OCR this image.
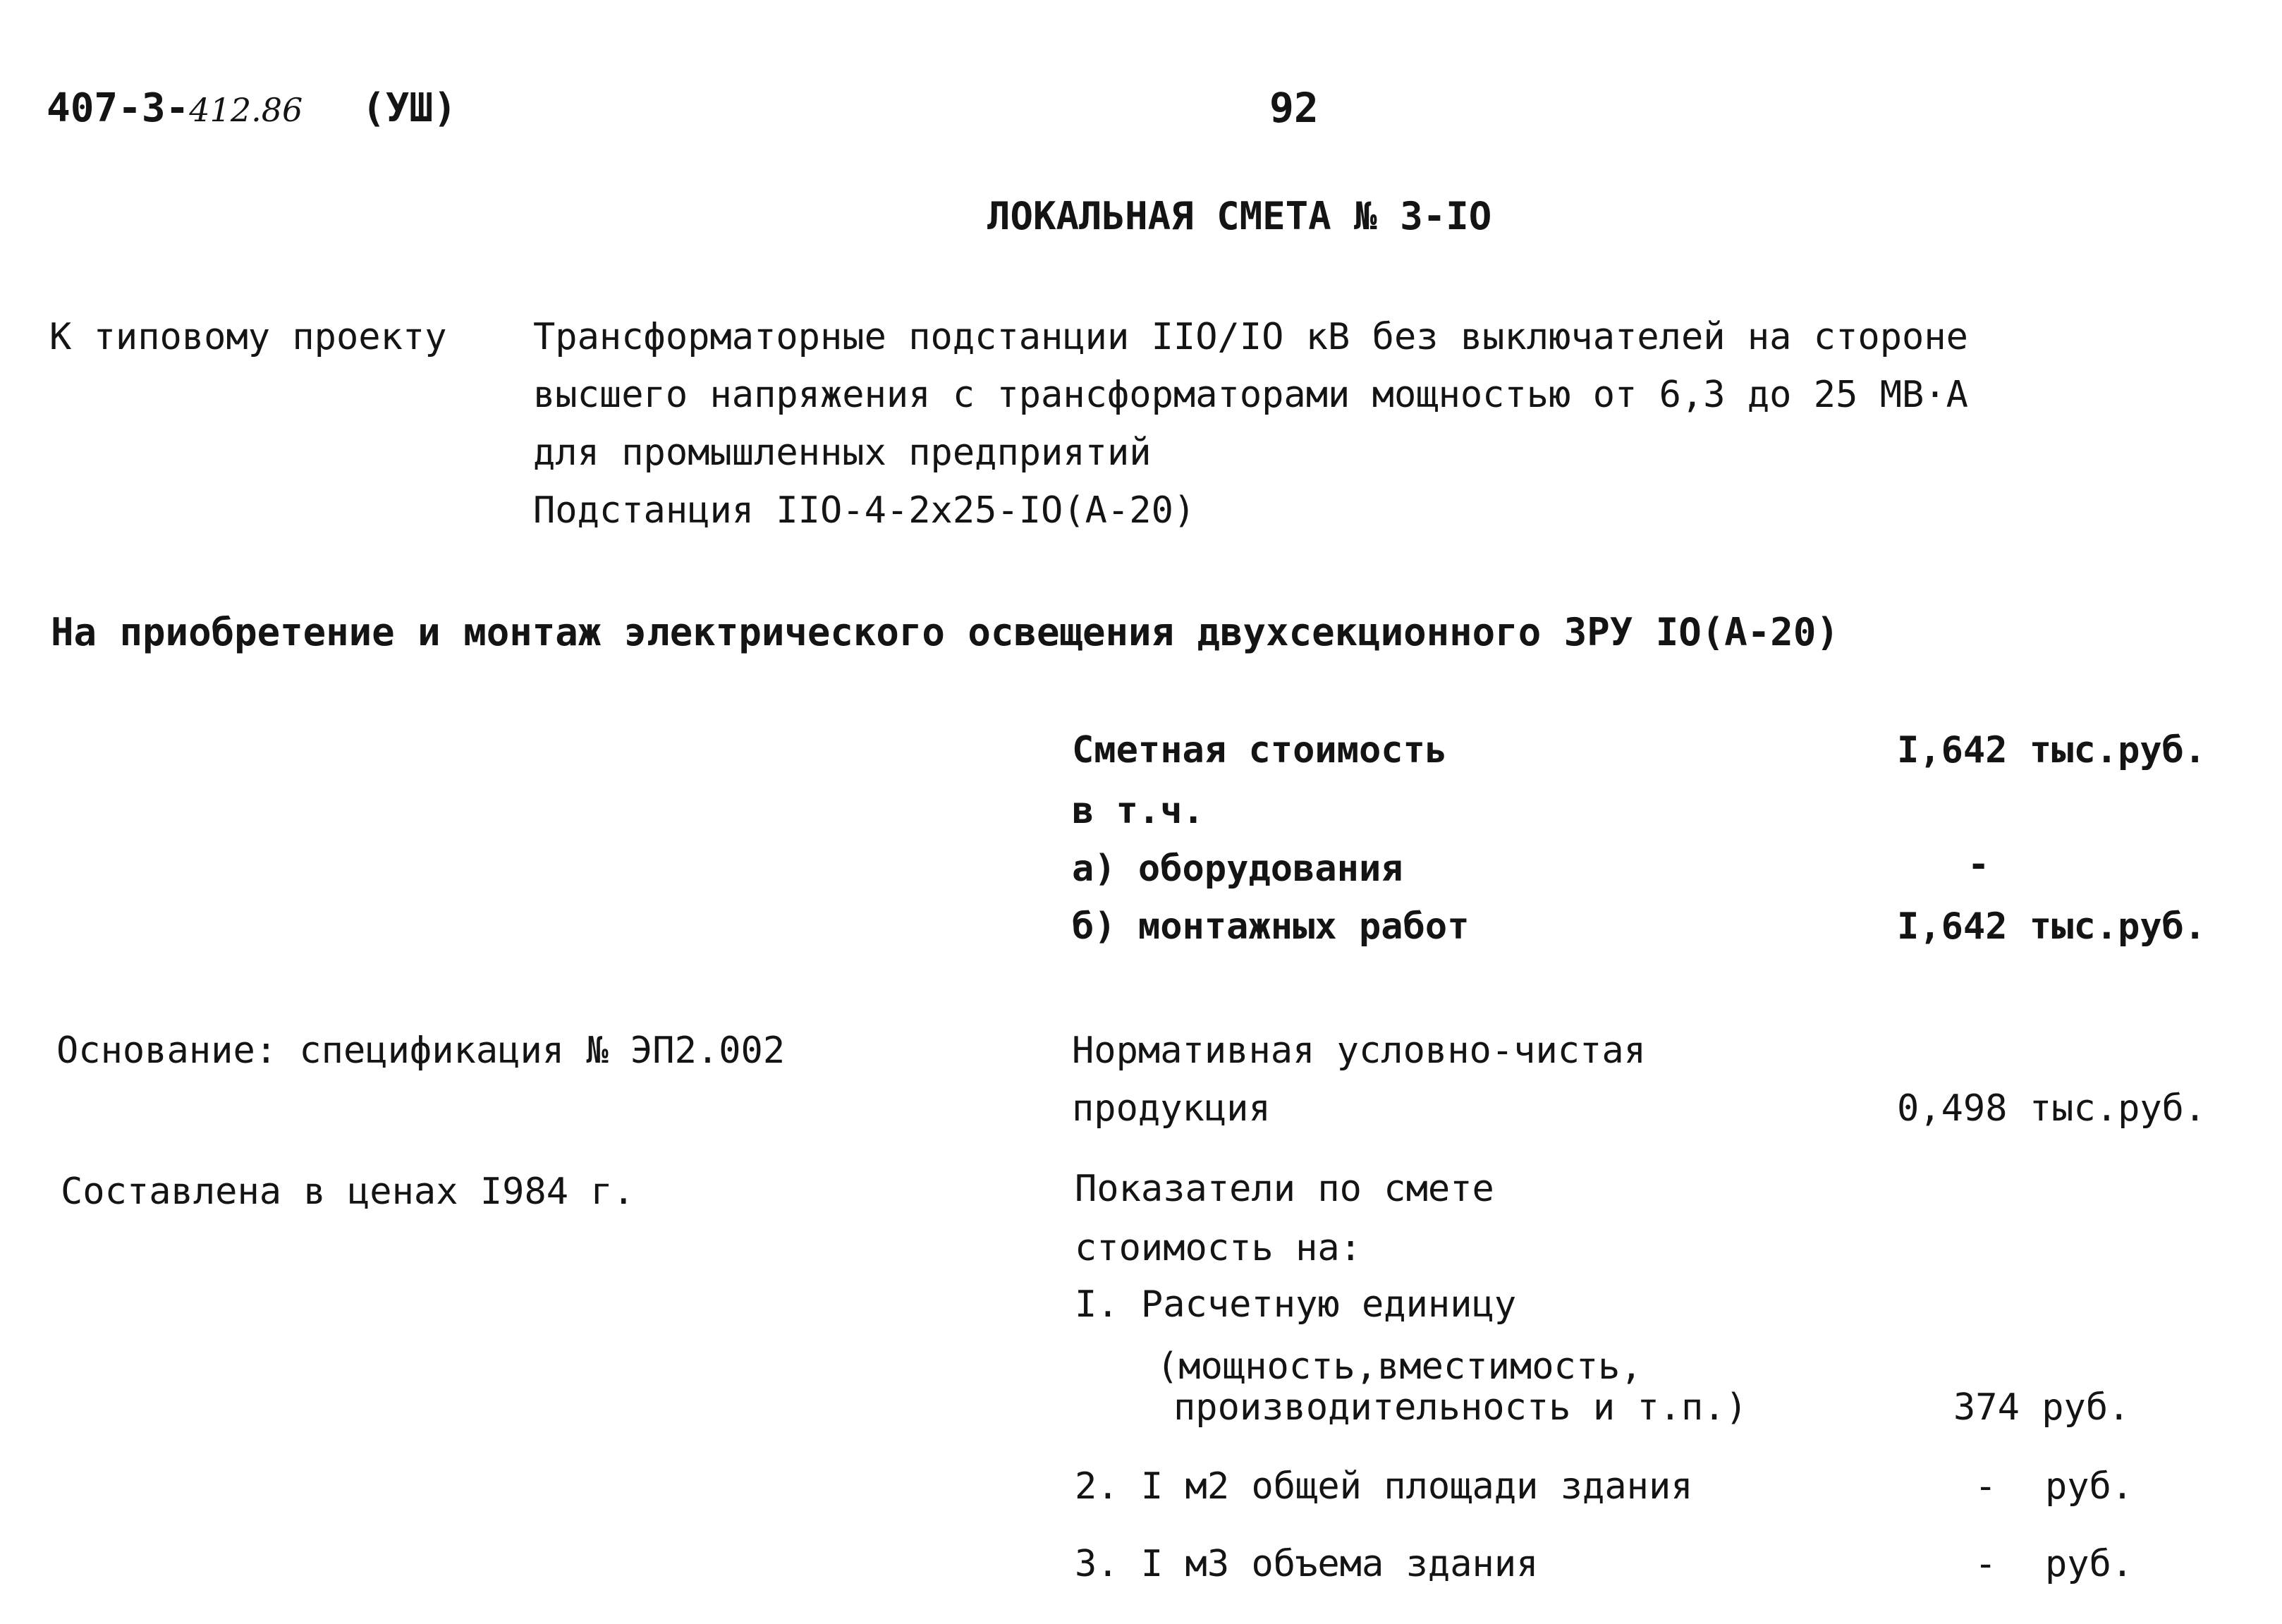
407-3-412.86 (УШ)	92
ЛОКАЛЬНАЯ СМЕТА № 3-IO
К типовому проекту Трансформаторные подстанции IIO/IO кВ без выключателей на стороне
высшего напряжения с трансформаторами мощностью от 6,3 до 25 МВ·А
для промышленных предприятий
Подстанция IIO-4-2x25-IO(А-20)
На приобретение и монтаж электрического освещения двухсекционного ЗРУ IO(А-20)
Сметная стоимость	I,642 тыс.руб.
в т.ч.
а) оборудования	-
б) монтажных работ	I,642 тыс.руб.
Основание: спецификация № ЭП2.002	Нормативная условно-чистая
продукция	0,498 тыс.руб.
Составлена в ценах I984 г.	Показатели по смете
стоимость на:
I. Расчетную единицу
(мощность,вместимость,
производительность и т.п.)	374 руб.
2. I м2 общей площади здания	- руб.
3. I м3 объема здания	- руб.
